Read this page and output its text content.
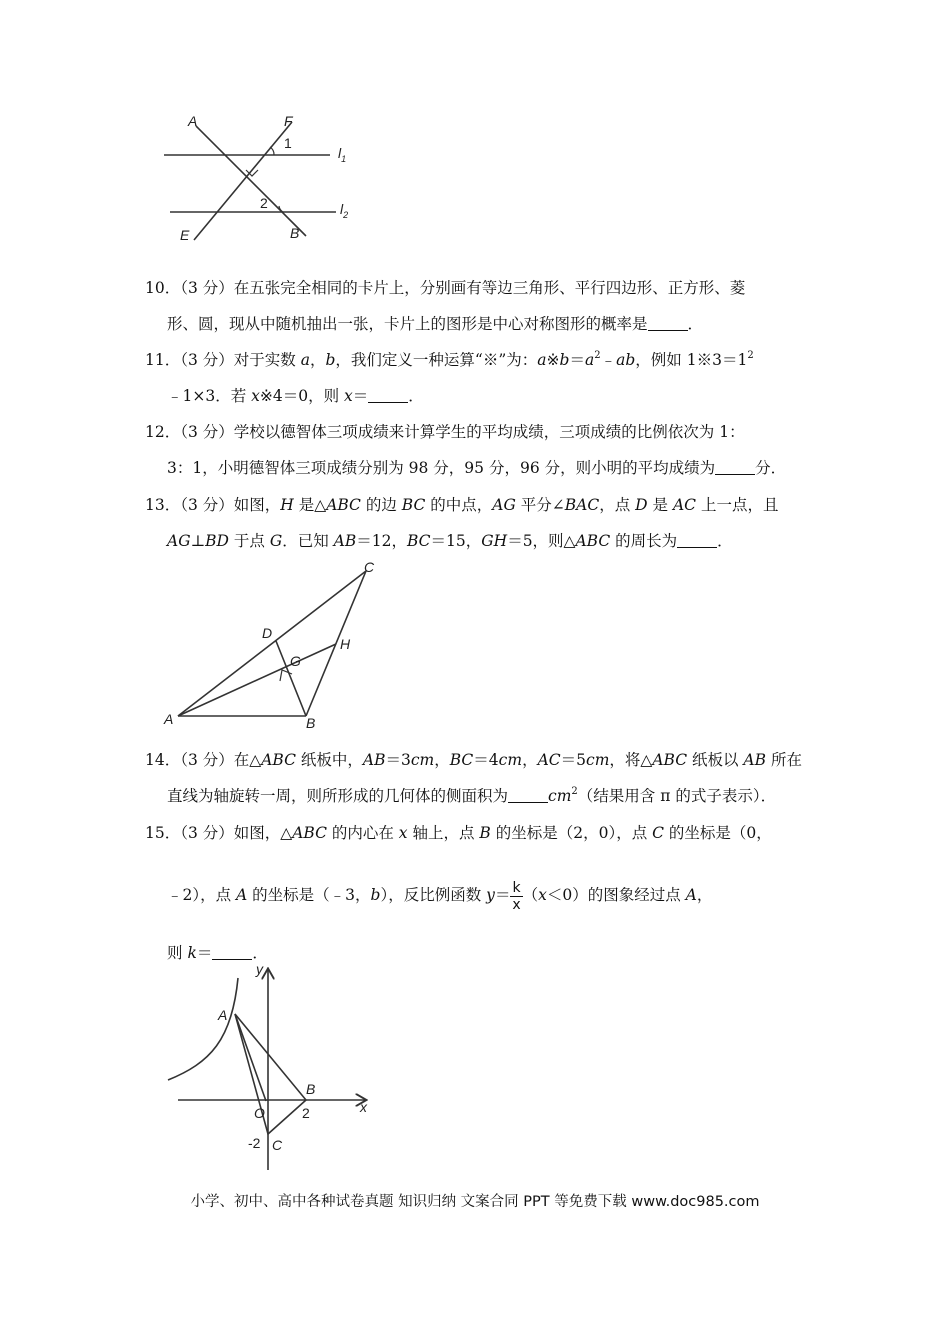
A	F
E	B
1
2
$l_1$
$l_2$
10．（3 分）在五张完全相同的卡片上，分别画有等边三角形、平行四边形、正方形、菱
形、圆，现从中随机抽出一张，卡片上的图形是中心对称图形的概率是	．
11．（3 分）对于实数 a，b，我们定义一种运算“※”为：$a※b=a^2﹣ab$，例如 $1※3=1^2$
﹣1×3．若 x※4＝0，则 x＝	．
12．（3 分）学校以德智体三项成绩来计算学生的平均成绩，三项成绩的比例依次为 1：
3：1，小明德智体三项成绩分别为 98 分，95 分，96 分，则小明的平均成绩为	分．
13．（3 分）如图，H 是△ABC 的边 BC 的中点，AG 平分∠BAC，点 D 是 AC 上一点，且
AG⊥BD 于点 G．已知 AB＝12，BC＝15，GH＝5，则△ABC 的周长为	．
A	B
C
D
G
H
14．（3 分）在△ABC 纸板中，AB＝3cm，BC＝4cm，AC＝5cm，将△ABC 纸板以 AB 所在
直线为轴旋转一周，则所形成的几何体的侧面积为	$cm^2$（结果用含 π 的式子表示）．
15．（3 分）如图，△ABC 的内心在 x 轴上，点 B 的坐标是（2，0），点 C 的坐标是（0，
﹣2），点 A 的坐标是（﹣3，b），反比例函数 $y= \frac{k}{x} (x<0)$的图象经过点 A，
则 k＝	．
y
x
A
B
O	2
C
-2
小学、初中、高中各种试卷真题 知识归纳 文案合同 PPT 等免费下载 www.doc985.com
